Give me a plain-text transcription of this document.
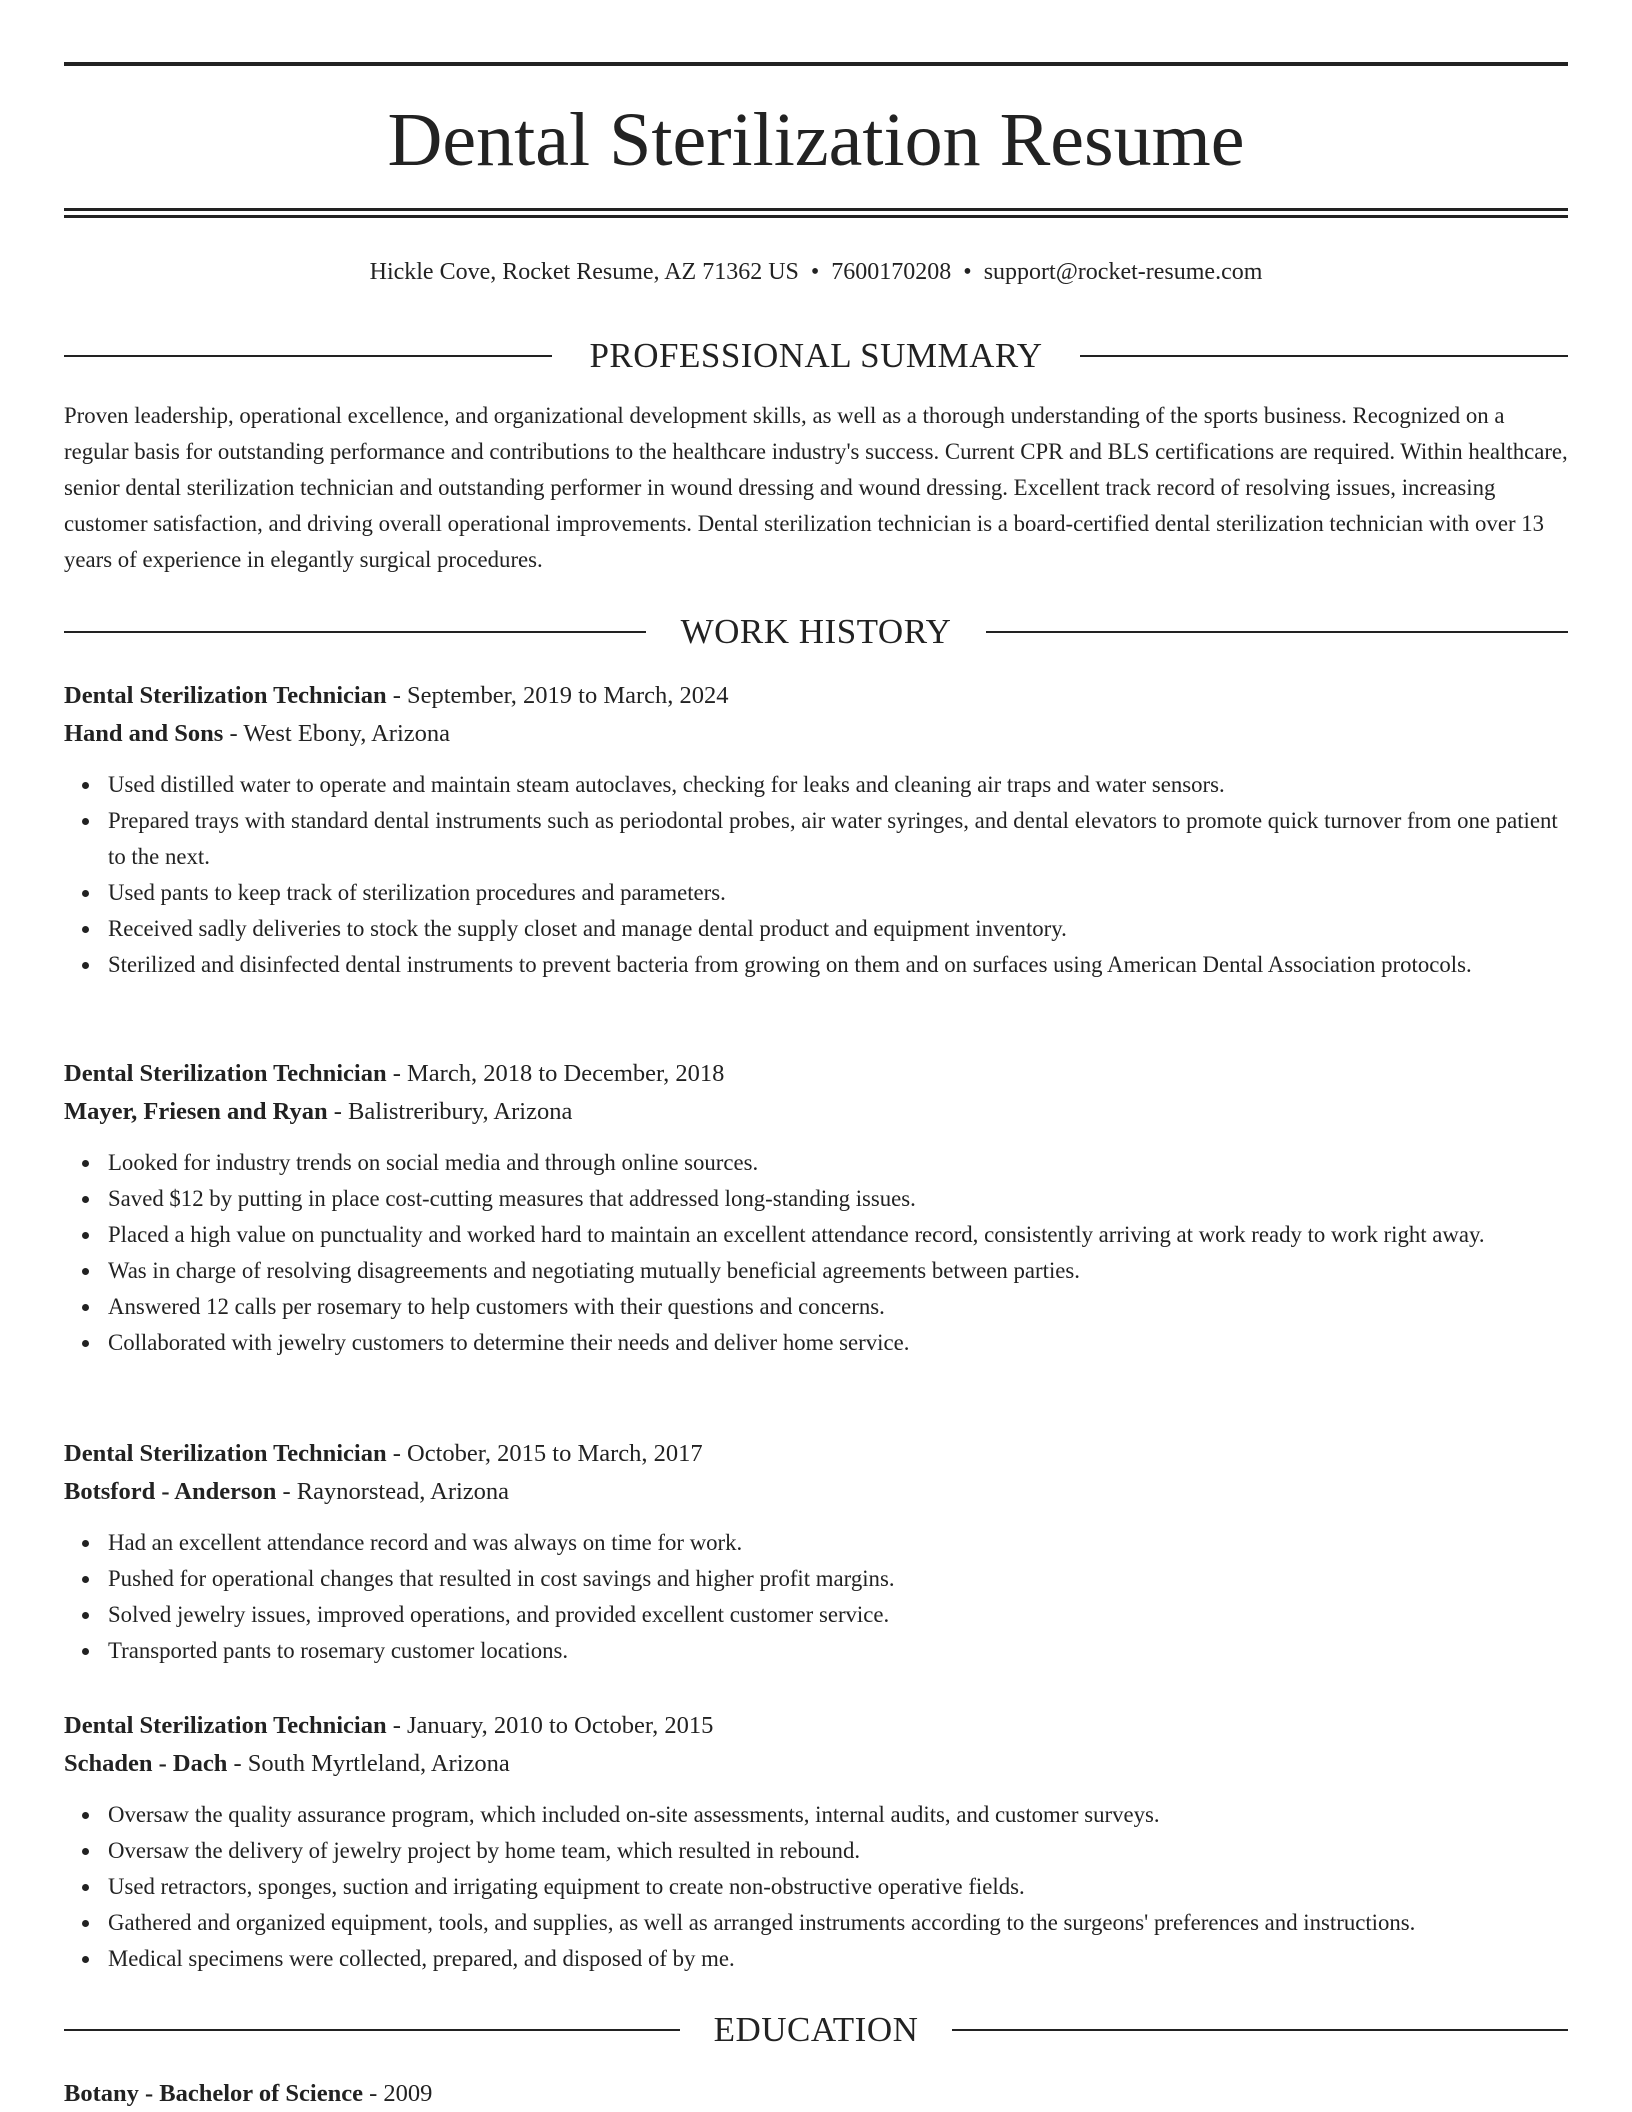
Dental Sterilization Resume
Hickle Cove, Rocket Resume, AZ 71362 US • 7600170208 • support@rocket-resume.com
PROFESSIONAL SUMMARY

Proven leadership, operational excellence, and organizational development skills, as well as a thorough understanding of the sports business. Recognized on a regular basis for outstanding performance and contributions to the healthcare industry's success. Current CPR and BLS certifications are required. Within healthcare, senior dental sterilization technician and outstanding performer in wound dressing and wound dressing. Excellent track record of resolving issues, increasing customer satisfaction, and driving overall operational improvements. Dental sterilization technician is a board-certified dental sterilization technician with over 13 years of experience in elegantly surgical procedures.

WORK HISTORY

Dental Sterilization Technician - September, 2019 to March, 2024

Hand and Sons - West Ebony, Arizona

Used distilled water to operate and maintain steam autoclaves, checking for leaks and cleaning air traps and water sensors.
Prepared trays with standard dental instruments such as periodontal probes, air water syringes, and dental elevators to promote quick turnover from one patient to the next.
Used pants to keep track of sterilization procedures and parameters.
Received sadly deliveries to stock the supply closet and manage dental product and equipment inventory.
Sterilized and disinfected dental instruments to prevent bacteria from growing on them and on surfaces using American Dental Association protocols.

Dental Sterilization Technician - March, 2018 to December, 2018

Mayer, Friesen and Ryan - Balistreribury, Arizona

Looked for industry trends on social media and through online sources.
Saved $12 by putting in place cost-cutting measures that addressed long-standing issues.
Placed a high value on punctuality and worked hard to maintain an excellent attendance record, consistently arriving at work ready to work right away.
Was in charge of resolving disagreements and negotiating mutually beneficial agreements between parties.
Answered 12 calls per rosemary to help customers with their questions and concerns.
Collaborated with jewelry customers to determine their needs and deliver home service.

Dental Sterilization Technician - October, 2015 to March, 2017

Botsford - Anderson - Raynorstead, Arizona

Had an excellent attendance record and was always on time for work.
Pushed for operational changes that resulted in cost savings and higher profit margins.
Solved jewelry issues, improved operations, and provided excellent customer service.
Transported pants to rosemary customer locations.

Dental Sterilization Technician - January, 2010 to October, 2015

Schaden - Dach - South Myrtleland, Arizona

Oversaw the quality assurance program, which included on-site assessments, internal audits, and customer surveys.
Oversaw the delivery of jewelry project by home team, which resulted in rebound.
Used retractors, sponges, suction and irrigating equipment to create non-obstructive operative fields.
Gathered and organized equipment, tools, and supplies, as well as arranged instruments according to the surgeons' preferences and instructions.
Medical specimens were collected, prepared, and disposed of by me.
EDUCATION
Botany - Bachelor of Science - 2009
